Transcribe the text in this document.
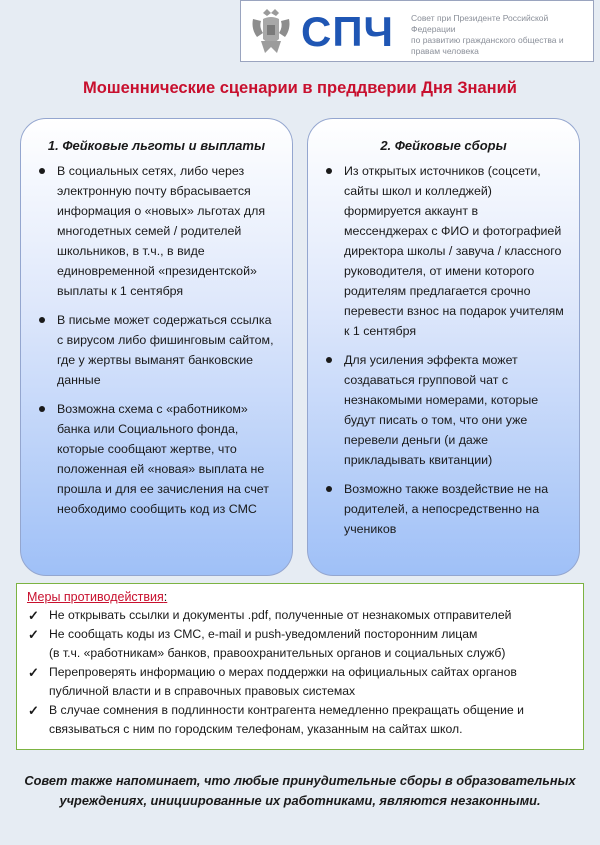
СПЧ Совет при Президенте Российской Федерации
по развитию гражданского общества и
правам человека
Мошеннические сценарии в преддверии Дня Знаний
1. Фейковые льготы и выплаты
В социальных сетях, либо через электронную почту вбрасывается информация о «новых» льготах для многодетных семей / родителей школьников, в т.ч., в виде единовременной «президентской» выплаты к 1 сентября
В письме может содержаться ссылка с вирусом либо фишинговым сайтом, где у жертвы выманят банковские данные
Возможна схема с «работником» банка или Социального фонда, которые сообщают жертве, что положенная ей «новая» выплата не прошла и для ее зачисления на счет необходимо сообщить код из СМС
2. Фейковые сборы
Из открытых источников (соцсети, сайты школ и колледжей) формируется аккаунт в мессенджерах с ФИО и фотографией директора школы / завуча / классного руководителя, от имени которого родителям предлагается срочно перевести взнос на подарок учителям к 1 сентября
Для усиления эффекта может создаваться групповой чат с незнакомыми номерами, которые будут писать о том, что они уже перевели деньги (и даже прикладывать квитанции)
Возможно также воздействие не на родителей, а непосредственно на учеников
Меры противодействия:
✓ Не открывать ссылки и документы .pdf, полученные от незнакомых отправителей
✓ Не сообщать коды из СМС, e-mail и push-уведомлений посторонним лицам
(в т.ч. «работникам» банков, правоохранительных органов и социальных служб)
✓ Перепроверять информацию о мерах поддержки на официальных сайтах органов публичной власти и в справочных правовых системах
✓ В случае сомнения в подлинности контрагента немедленно прекращать общение и связываться с ним по городским телефонам, указанным на сайтах школ.
Совет также напоминает, что любые принудительные сборы в образовательных учреждениях, инициированные их работниками, являются незаконными.
